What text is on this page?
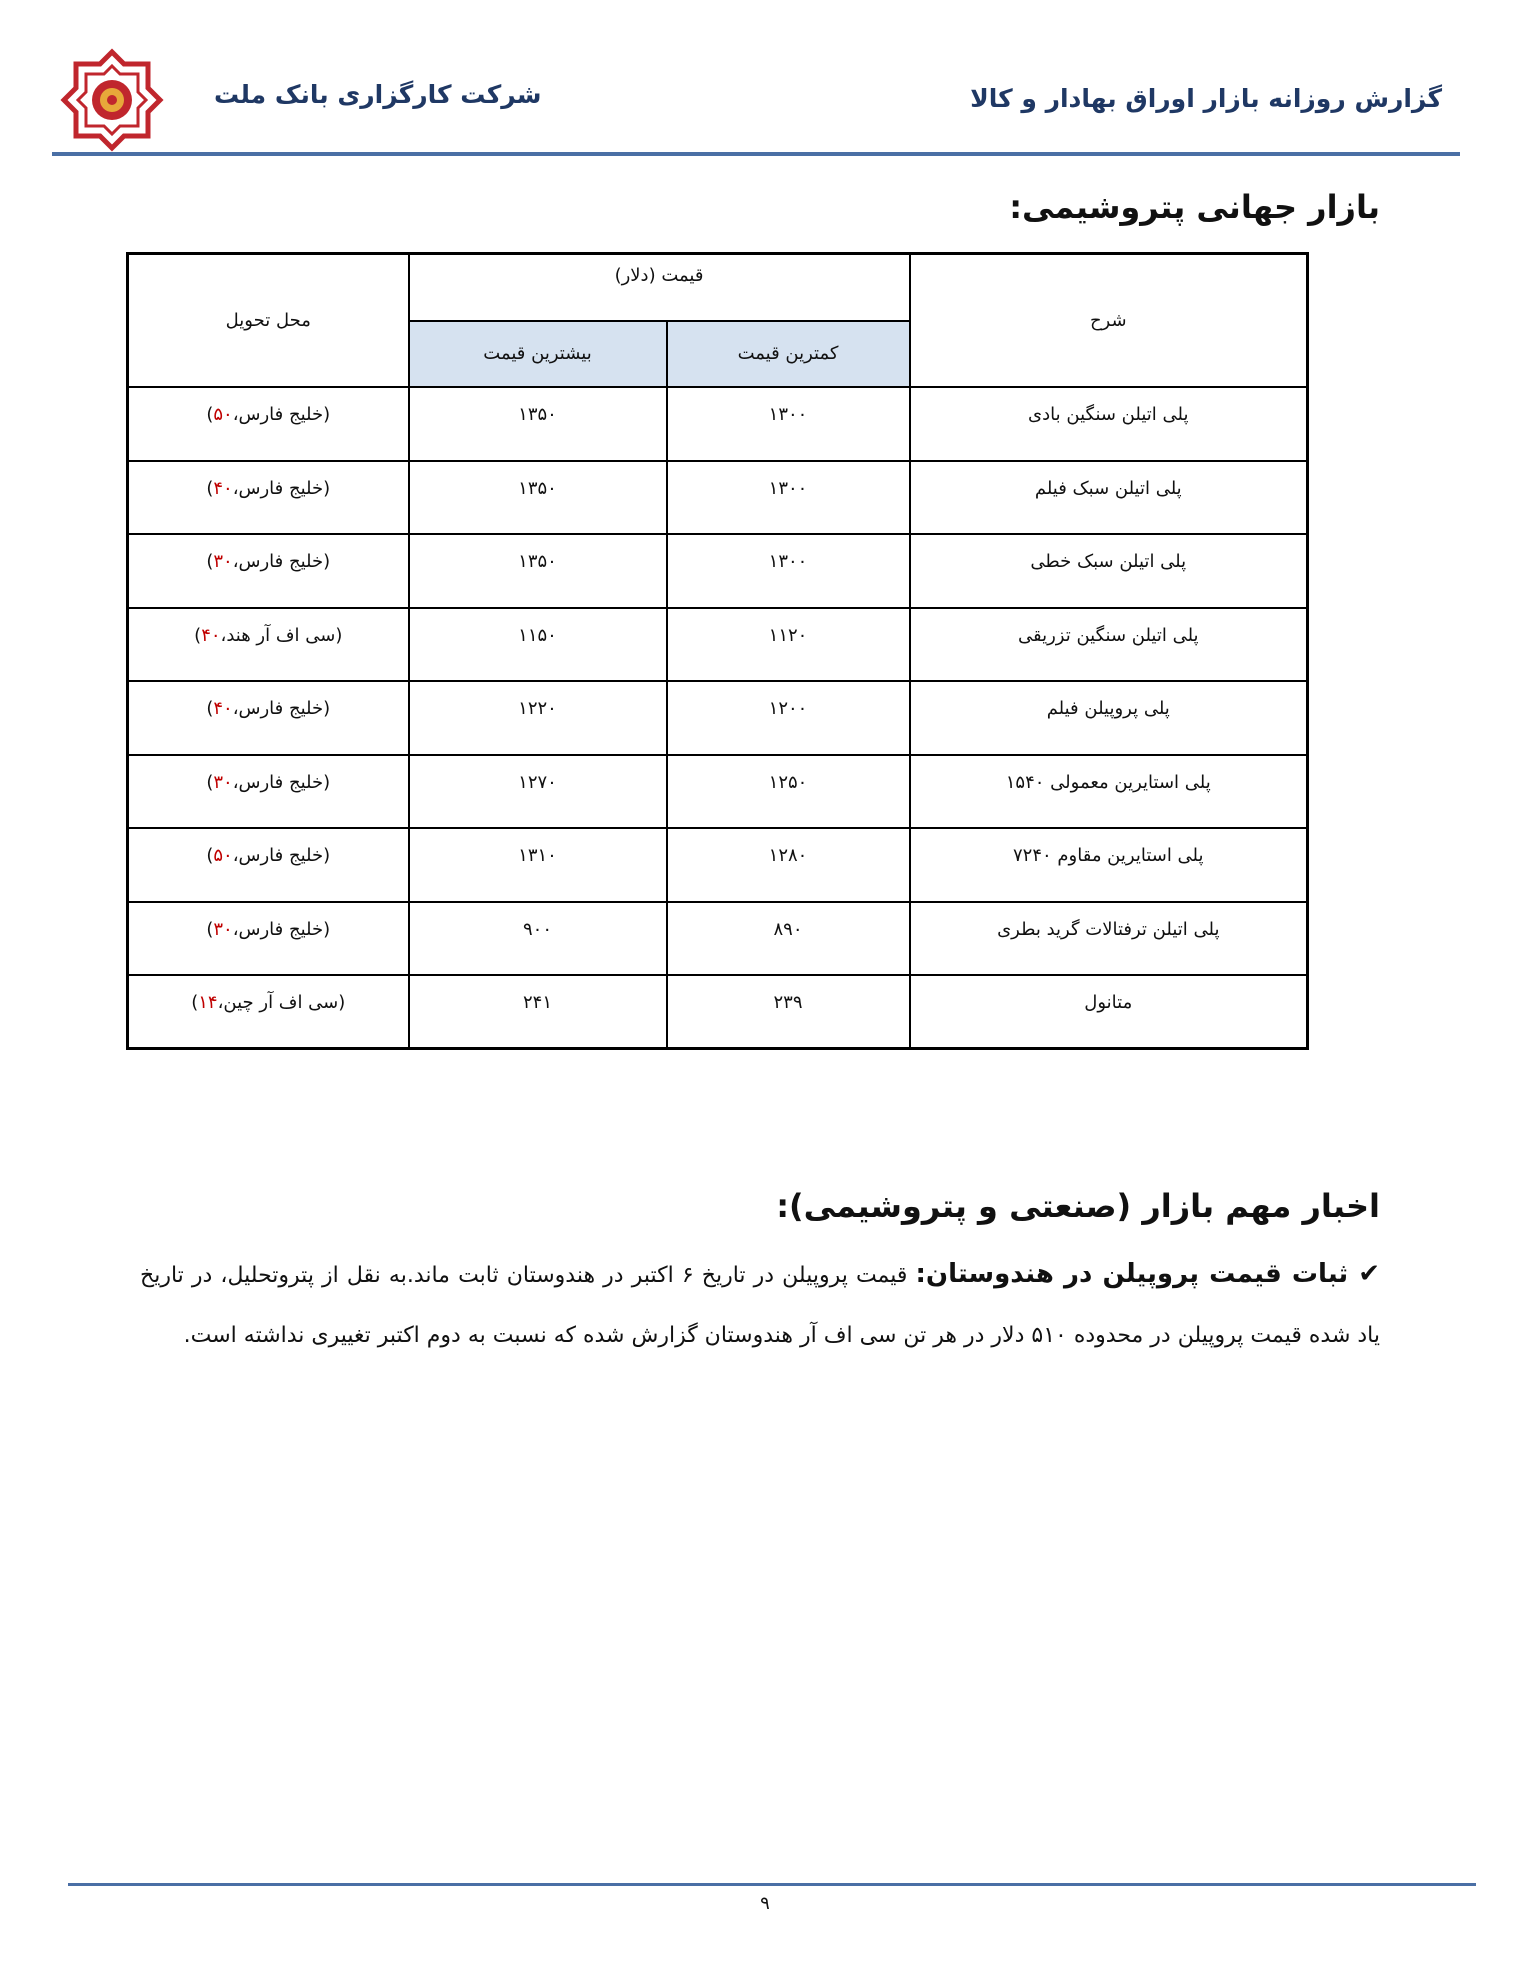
شرکت کارگزاری بانک ملت	گزارش روزانه بازار اوراق بهادار و کالا
بازار جهانی پتروشیمی:
شرح	قیمت (دلار)		محل تحویل
	کمترین قیمت	بیشترین قیمت	
پلی اتیلن سنگین بادی	۱۳۰۰	۱۳۵۰	(خلیج فارس،۵۰)
پلی اتیلن سبک فیلم	۱۳۰۰	۱۳۵۰	(خلیج فارس،۴۰)
پلی اتیلن سبک خطی	۱۳۰۰	۱۳۵۰	(خلیج فارس،۳۰)
پلی اتیلن سنگین تزریقی	۱۱۲۰	۱۱۵۰	(سی اف آر هند،۴۰)
پلی پروپیلن فیلم	۱۲۰۰	۱۲۲۰	(خلیج فارس،۴۰)
پلی استایرین معمولی ۱۵۴۰	۱۲۵۰	۱۲۷۰	(خلیج فارس،۳۰)
پلی استایرین مقاوم ۷۲۴۰	۱۲۸۰	۱۳۱۰	(خلیج فارس،۵۰)
پلی اتیلن ترفتالات گرید بطری	۸۹۰	۹۰۰	(خلیج فارس،۳۰)
متانول	۲۳۹	۲۴۱	(سی اف آر چین،۱۴)
اخبار مهم بازار (صنعتی و پتروشیمی):
✔ثبات قیمت پروپیلن در هندوستان: قیمت پروپیلن در تاریخ ۶ اکتبر در هندوستان ثابت ماند.به نقل از پتروتحلیل، در تاریخ یاد شده قیمت پروپیلن در محدوده ۵۱۰ دلار در هر تن سی اف آر هندوستان گزارش شده که نسبت به دوم اکتبر تغییری نداشته است.
۹
